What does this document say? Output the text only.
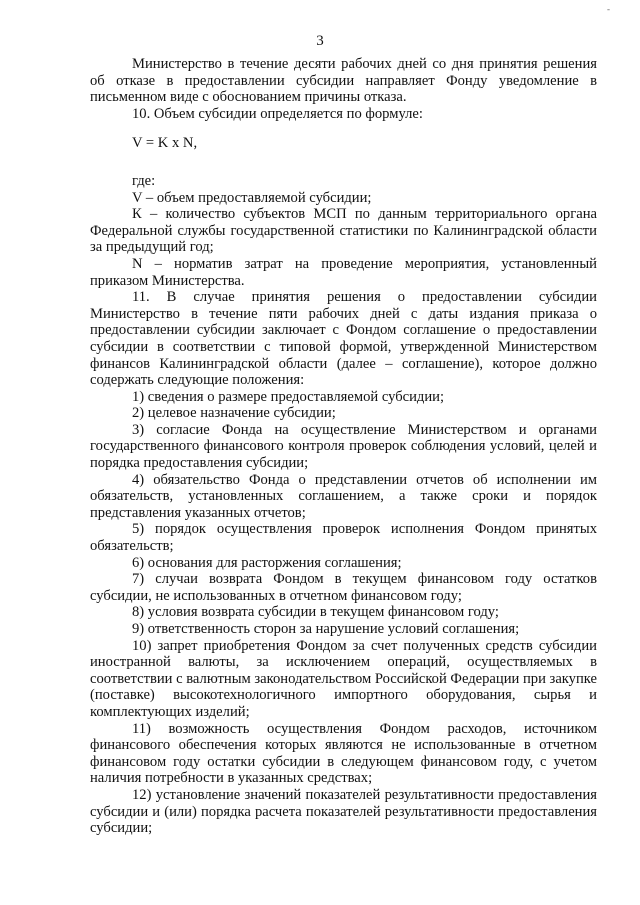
-
3

Министерство в течение десяти рабочих дней со дня принятия решения об отказе в предоставлении субсидии направляет Фонду уведомление в письменном виде с обоснованием причины отказа.

10. Объем субсидии определяется по формуле:

V = K x N,

где:

V – объем предоставляемой субсидии;

К – количество субъектов МСП по данным территориального органа Федеральной службы государственной статистики по Калининградской области за предыдущий год;

N – норматив затрат на проведение мероприятия, установленный приказом Министерства.

11. В случае принятия решения о предоставлении субсидии Министерство в течение пяти рабочих дней с даты издания приказа о предоставлении субсидии заключает с Фондом соглашение о предоставлении субсидии в соответствии с типовой формой, утвержденной Министерством финансов Калининградской области (далее – соглашение), которое должно содержать следующие положения:

1) сведения о размере предоставляемой субсидии;

2) целевое назначение субсидии;

3) согласие Фонда на осуществление Министерством и органами государственного финансового контроля проверок соблюдения условий, целей и порядка предоставления субсидии;

4) обязательство Фонда о представлении отчетов об исполнении им обязательств, установленных соглашением, а также сроки и порядок представления указанных отчетов;

5) порядок осуществления проверок исполнения Фондом принятых обязательств;

6) основания для расторжения соглашения;

7) случаи возврата Фондом в текущем финансовом году остатков субсидии, не использованных в отчетном финансовом году;

8) условия возврата субсидии в текущем финансовом году;

9) ответственность сторон за нарушение условий соглашения;

10) запрет приобретения Фондом за счет полученных средств субсидии иностранной валюты, за исключением операций, осуществляемых в соответствии с валютным законодательством Российской Федерации при закупке (поставке) высокотехнологичного импортного оборудования, сырья и комплектующих изделий;

11) возможность осуществления Фондом расходов, источником финансового обеспечения которых являются не использованные в отчетном финансовом году остатки субсидии в следующем финансовом году, с учетом наличия потребности в указанных средствах;

12) установление значений показателей результативности предоставления субсидии и (или) порядка расчета показателей результативности предоставления субсидии;
